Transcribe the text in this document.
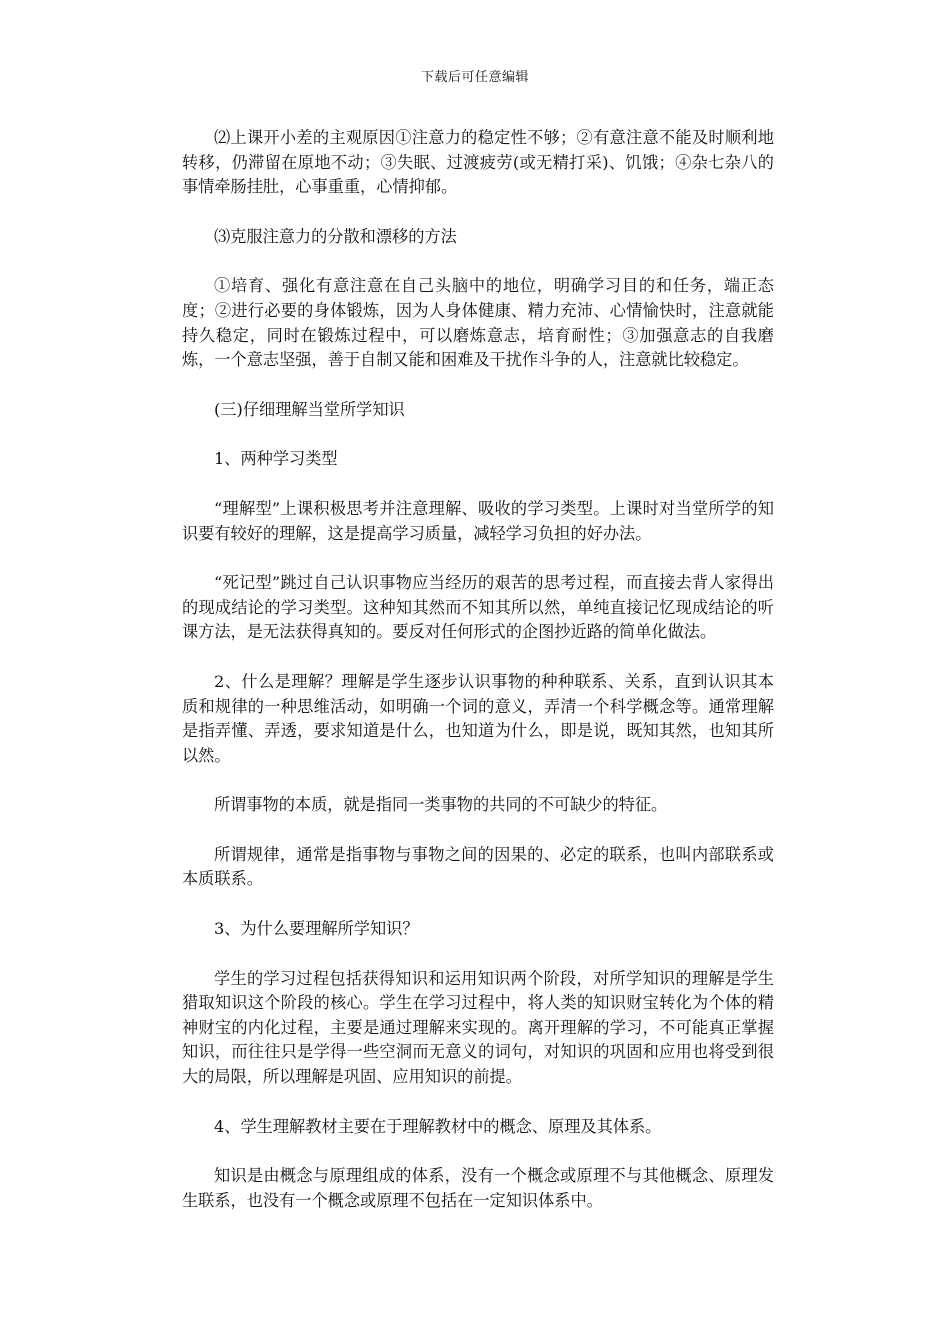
下载后可任意编辑

⑵上课开小差的主观原因①注意力的稳定性不够；②有意注意不能及时顺利地转移，仍滞留在原地不动；③失眠、过渡疲劳(或无精打采)、饥饿；④杂七杂八的事情牵肠挂肚，心事重重，心情抑郁。

⑶克服注意力的分散和漂移的方法

①培育、强化有意注意在自己头脑中的地位，明确学习目的和任务，端正态度；②进行必要的身体锻炼，因为人身体健康、精力充沛、心情愉快时，注意就能持久稳定，同时在锻炼过程中，可以磨炼意志，培育耐性；③加强意志的自我磨炼，一个意志坚强，善于自制又能和困难及干扰作斗争的人，注意就比较稳定。

(三)仔细理解当堂所学知识

1、两种学习类型

“理解型”上课积极思考并注意理解、吸收的学习类型。上课时对当堂所学的知识要有较好的理解，这是提高学习质量，减轻学习负担的好办法。

“死记型”跳过自己认识事物应当经历的艰苦的思考过程，而直接去背人家得出的现成结论的学习类型。这种知其然而不知其所以然，单纯直接记忆现成结论的听课方法，是无法获得真知的。要反对任何形式的企图抄近路的简单化做法。

2、什么是理解？理解是学生逐步认识事物的种种联系、关系，直到认识其本质和规律的一种思维活动，如明确一个词的意义，弄清一个科学概念等。通常理解是指弄懂、弄透，要求知道是什么，也知道为什么，即是说，既知其然，也知其所以然。

所谓事物的本质，就是指同一类事物的共同的不可缺少的特征。

所谓规律，通常是指事物与事物之间的因果的、必定的联系，也叫内部联系或本质联系。

3、为什么要理解所学知识？

学生的学习过程包括获得知识和运用知识两个阶段，对所学知识的理解是学生猎取知识这个阶段的核心。学生在学习过程中，将人类的知识财宝转化为个体的精神财宝的内化过程，主要是通过理解来实现的。离开理解的学习，不可能真正掌握知识，而往往只是学得一些空洞而无意义的词句，对知识的巩固和应用也将受到很大的局限，所以理解是巩固、应用知识的前提。

4、学生理解教材主要在于理解教材中的概念、原理及其体系。

知识是由概念与原理组成的体系，没有一个概念或原理不与其他概念、原理发生联系，也没有一个概念或原理不包括在一定知识体系中。
